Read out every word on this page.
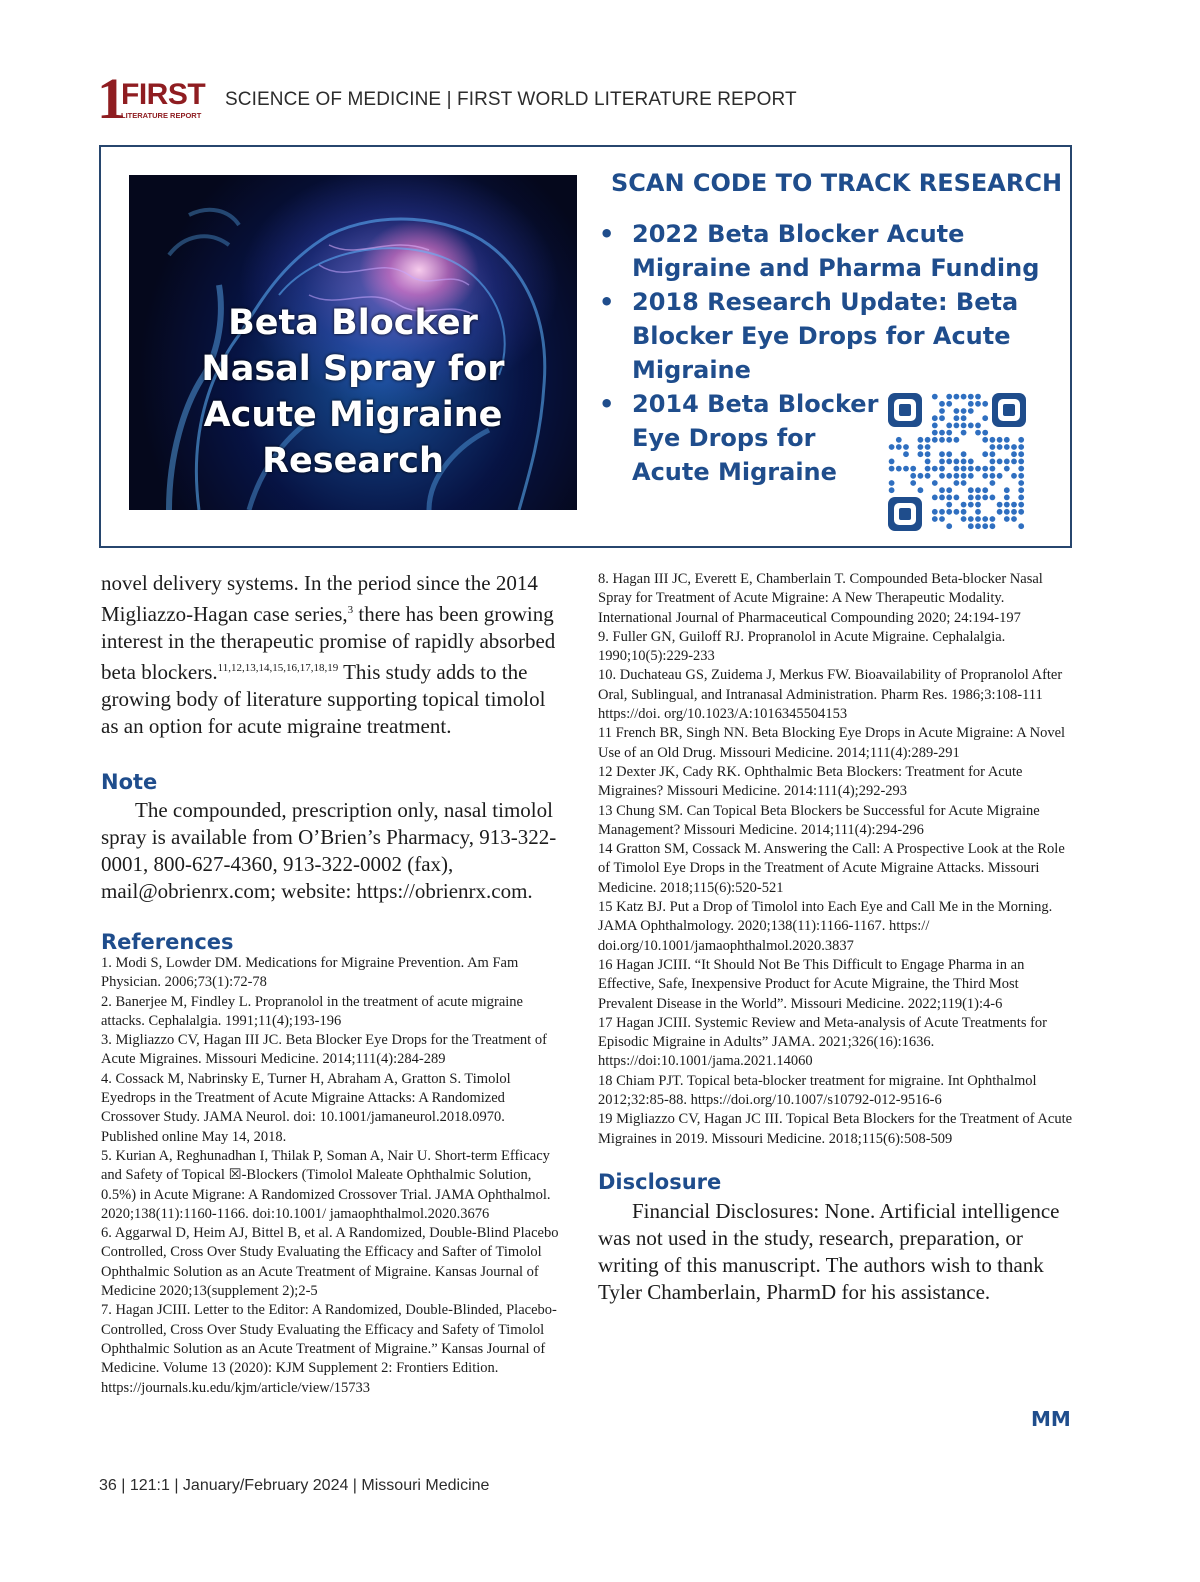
1
FIRST
LITERATURE REPORT
SCIENCE OF MEDICINE | FIRST WORLD LITERATURE REPORT
Beta Blocker
Nasal Spray for
Acute Migraine
Research
SCAN CODE TO TRACK RESEARCH
• 2022 Beta Blocker Acute Migraine and Pharma Funding
• 2018 Research Update: Beta Blocker Eye Drops for Acute Migraine
• 2014 Beta Blocker Eye Drops for Acute Migraine

novel delivery systems. In the period since the 2014 Migliazzo-Hagan case series,$^3$ there has been growing interest in the therapeutic promise of rapidly absorbed beta blockers.$^{11,12,13,14,15,16,17,18,19}$ This study adds to the growing body of literature supporting topical timolol as an option for acute migraine treatment.

Note

The compounded, prescription only, nasal timolol spray is available from O’Brien’s Pharmacy, 913-322-0001, 800-627-4360, 913-322-0002 (fax), mail@obrienrx.com; website: https://obrienrx.com.

References
1. Modi S, Lowder DM. Medications for Migraine Prevention. Am Fam Physician. 2006;73(1):72-78
2. Banerjee M, Findley L. Propranolol in the treatment of acute migraine attacks. Cephalalgia. 1991;11(4);193-196
3. Migliazzo CV, Hagan III JC. Beta Blocker Eye Drops for the Treatment of Acute Migraines. Missouri Medicine. 2014;111(4):284-289
4. Cossack M, Nabrinsky E, Turner H, Abraham A, Gratton S. Timolol Eyedrops in the Treatment of Acute Migraine Attacks: A Randomized Crossover Study. JAMA Neurol. doi: 10.1001/jamaneurol.2018.0970. Published online May 14, 2018.
5. Kurian A, Reghunadhan I, Thilak P, Soman A, Nair U. Short-term Efficacy and Safety of Topical ☒-Blockers (Timolol Maleate Ophthalmic Solution, 0.5%) in Acute Migrane: A Randomized Crossover Trial. JAMA Ophthalmol. 2020;138(11):1160-1166. doi:10.1001/ jamaophthalmol.2020.3676
6. Aggarwal D, Heim AJ, Bittel B, et al. A Randomized, Double-Blind Placebo Controlled, Cross Over Study Evaluating the Efficacy and Safter of Timolol Ophthalmic Solution as an Acute Treatment of Migraine. Kansas Journal of Medicine 2020;13(supplement 2);2-5
7. Hagan JCIII. Letter to the Editor: A Randomized, Double-Blinded, Placebo-Controlled, Cross Over Study Evaluating the Efficacy and Safety of Timolol Ophthalmic Solution as an Acute Treatment of Migraine.” Kansas Journal of Medicine. Volume 13 (2020): KJM Supplement 2: Frontiers Edition. https://journals.ku.edu/kjm/article/view/15733
8. Hagan III JC, Everett E, Chamberlain T. Compounded Beta-blocker Nasal Spray for Treatment of Acute Migraine: A New Therapeutic Modality. International Journal of Pharmaceutical Compounding 2020; 24:194-197
9. Fuller GN, Guiloff RJ. Propranolol in Acute Migraine. Cephalalgia. 1990;10(5):229-233
10. Duchateau GS, Zuidema J, Merkus FW. Bioavailability of Propranolol After Oral, Sublingual, and Intranasal Administration. Pharm Res. 1986;3:108-111 https://doi. org/10.1023/A:1016345504153
11 French BR, Singh NN. Beta Blocking Eye Drops in Acute Migraine: A Novel Use of an Old Drug. Missouri Medicine. 2014;111(4):289-291
12 Dexter JK, Cady RK. Ophthalmic Beta Blockers: Treatment for Acute Migraines? Missouri Medicine. 2014:111(4);292-293
13 Chung SM. Can Topical Beta Blockers be Successful for Acute Migraine Management? Missouri Medicine. 2014;111(4):294-296
14 Gratton SM, Cossack M. Answering the Call: A Prospective Look at the Role of Timolol Eye Drops in the Treatment of Acute Migraine Attacks. Missouri Medicine. 2018;115(6):520-521
15 Katz BJ. Put a Drop of Timolol into Each Eye and Call Me in the Morning. JAMA Ophthalmology. 2020;138(11):1166-1167. https:// doi.org/10.1001/jamaophthalmol.2020.3837
16 Hagan JCIII. “It Should Not Be This Difficult to Engage Pharma in an Effective, Safe, Inexpensive Product for Acute Migraine, the Third Most Prevalent Disease in the World”. Missouri Medicine. 2022;119(1):4-6
17 Hagan JCIII. Systemic Review and Meta-analysis of Acute Treatments for Episodic Migraine in Adults” JAMA. 2021;326(16):1636. https://doi:10.1001/jama.2021.14060
18 Chiam PJT. Topical beta-blocker treatment for migraine. Int Ophthalmol 2012;32:85-88. https://doi.org/10.1007/s10792-012-9516-6
19 Migliazzo CV, Hagan JC III. Topical Beta Blockers for the Treatment of Acute Migraines in 2019. Missouri Medicine. 2018;115(6):508-509
Disclosure

Financial Disclosures: None. Artificial intelligence was not used in the study, research, preparation, or writing of this manuscript. The authors wish to thank Tyler Chamberlain, PharmD for his assistance.

MM
36 | 121:1 | January/February 2024 | Missouri Medicine
